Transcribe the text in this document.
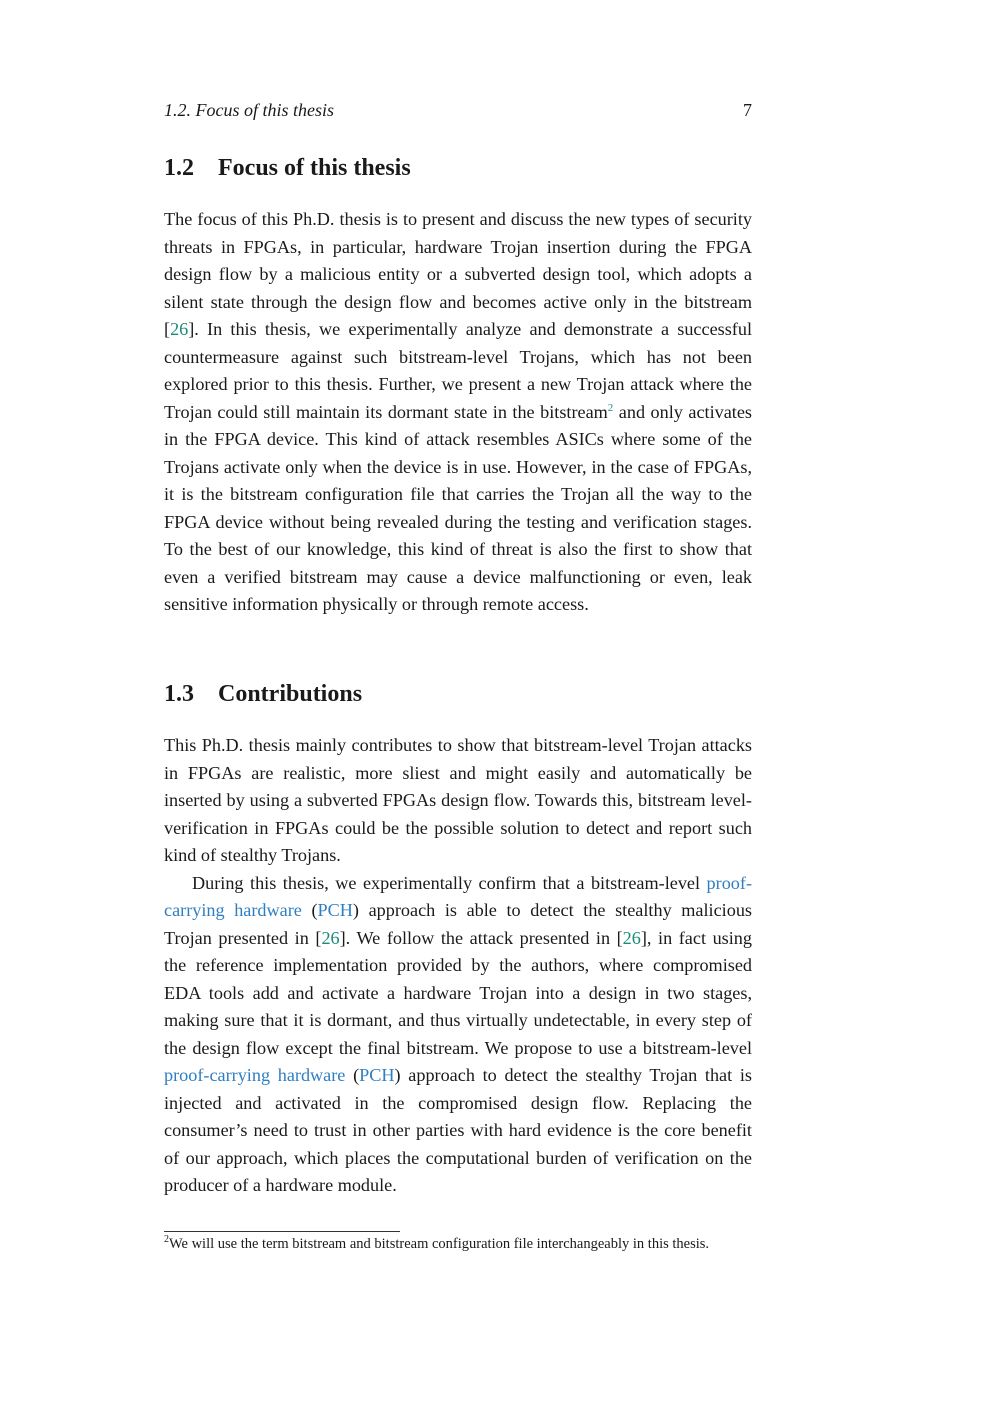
1.2. Focus of this thesis	7
1.2 Focus of this thesis

The focus of this Ph.D. thesis is to present and discuss the new types of security threats in FPGAs, in particular, hardware Trojan insertion during the FPGA design flow by a malicious entity or a subverted design tool, which adopts a silent state through the design flow and becomes active only in the bitstream [26]. In this thesis, we experimentally analyze and demonstrate a successful countermeasure against such bitstream-level Trojans, which has not been explored prior to this thesis. Further, we present a new Trojan attack where the Trojan could still maintain its dormant state in the bitstream$^2$ and only activates in the FPGA device. This kind of attack resembles ASICs where some of the Trojans activate only when the device is in use. However, in the case of FPGAs, it is the bitstream configuration file that carries the Trojan all the way to the FPGA device without being revealed during the testing and verification stages. To the best of our knowledge, this kind of threat is also the first to show that even a verified bitstream may cause a device malfunctioning or even, leak sensitive information physically or through remote access.

1.3 Contributions

This Ph.D. thesis mainly contributes to show that bitstream-level Trojan attacks in FPGAs are realistic, more sliest and might easily and automatically be inserted by using a subverted FPGAs design flow. Towards this, bitstream level-verification in FPGAs could be the possible solution to detect and report such kind of stealthy Trojans.

During this thesis, we experimentally confirm that a bitstream-level proof-carrying hardware (PCH) approach is able to detect the stealthy malicious Trojan presented in [26]. We follow the attack presented in [26], in fact using the reference implementation provided by the authors, where compromised EDA tools add and activate a hardware Trojan into a design in two stages, making sure that it is dormant, and thus virtually undetectable, in every step of the design flow except the final bitstream. We propose to use a bitstream-level proof-carrying hardware (PCH) approach to detect the stealthy Trojan that is injected and activated in the compromised design flow. Replacing the consumer’s need to trust in other parties with hard evidence is the core benefit of our approach, which places the computational burden of verification on the producer of a hardware module.

$^2$We will use the term bitstream and bitstream configuration file interchangeably in this thesis.
